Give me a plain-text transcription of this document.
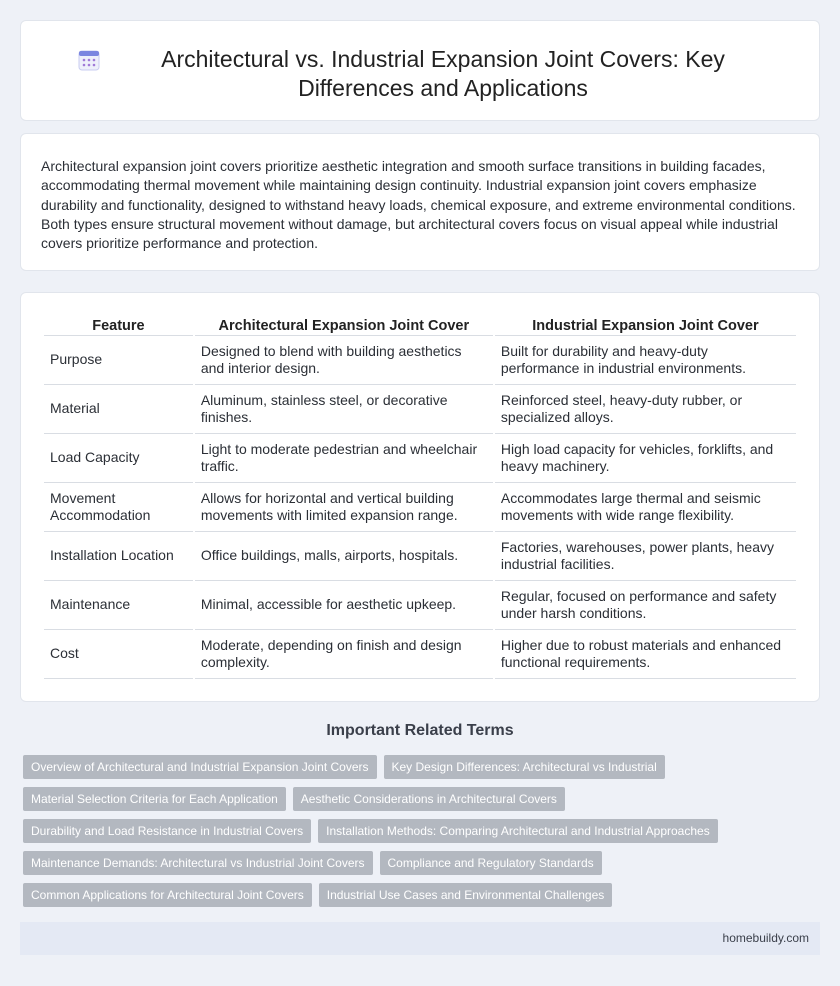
Architectural vs. Industrial Expansion Joint Covers: Key Differences and Applications

Architectural expansion joint covers prioritize aesthetic integration and smooth surface transitions in building facades, accommodating thermal movement while maintaining design continuity. Industrial expansion joint covers emphasize durability and functionality, designed to withstand heavy loads, chemical exposure, and extreme environmental conditions. Both types ensure structural movement without damage, but architectural covers focus on visual appeal while industrial covers prioritize performance and protection.

Feature	Architectural Expansion Joint Cover	Industrial Expansion Joint Cover
Purpose	Designed to blend with building aesthetics and interior design.	Built for durability and heavy-duty performance in industrial environments.
Material	Aluminum, stainless steel, or decorative finishes.	Reinforced steel, heavy-duty rubber, or specialized alloys.
Load Capacity	Light to moderate pedestrian and wheelchair traffic.	High load capacity for vehicles, forklifts, and heavy machinery.
Movement Accommodation	Allows for horizontal and vertical building movements with limited expansion range.	Accommodates large thermal and seismic movements with wide range flexibility.
Installation Location	Office buildings, malls, airports, hospitals.	Factories, warehouses, power plants, heavy industrial facilities.
Maintenance	Minimal, accessible for aesthetic upkeep.	Regular, focused on performance and safety under harsh conditions.
Cost	Moderate, depending on finish and design complexity.	Higher due to robust materials and enhanced functional requirements.
Important Related Terms
Overview of Architectural and Industrial Expansion Joint Covers	Key Design Differences: Architectural vs Industrial
Material Selection Criteria for Each Application	Aesthetic Considerations in Architectural Covers
Durability and Load Resistance in Industrial Covers	Installation Methods: Comparing Architectural and Industrial Approaches
Maintenance Demands: Architectural vs Industrial Joint Covers	Compliance and Regulatory Standards
Common Applications for Architectural Joint Covers	Industrial Use Cases and Environmental Challenges
homebuildy.com
